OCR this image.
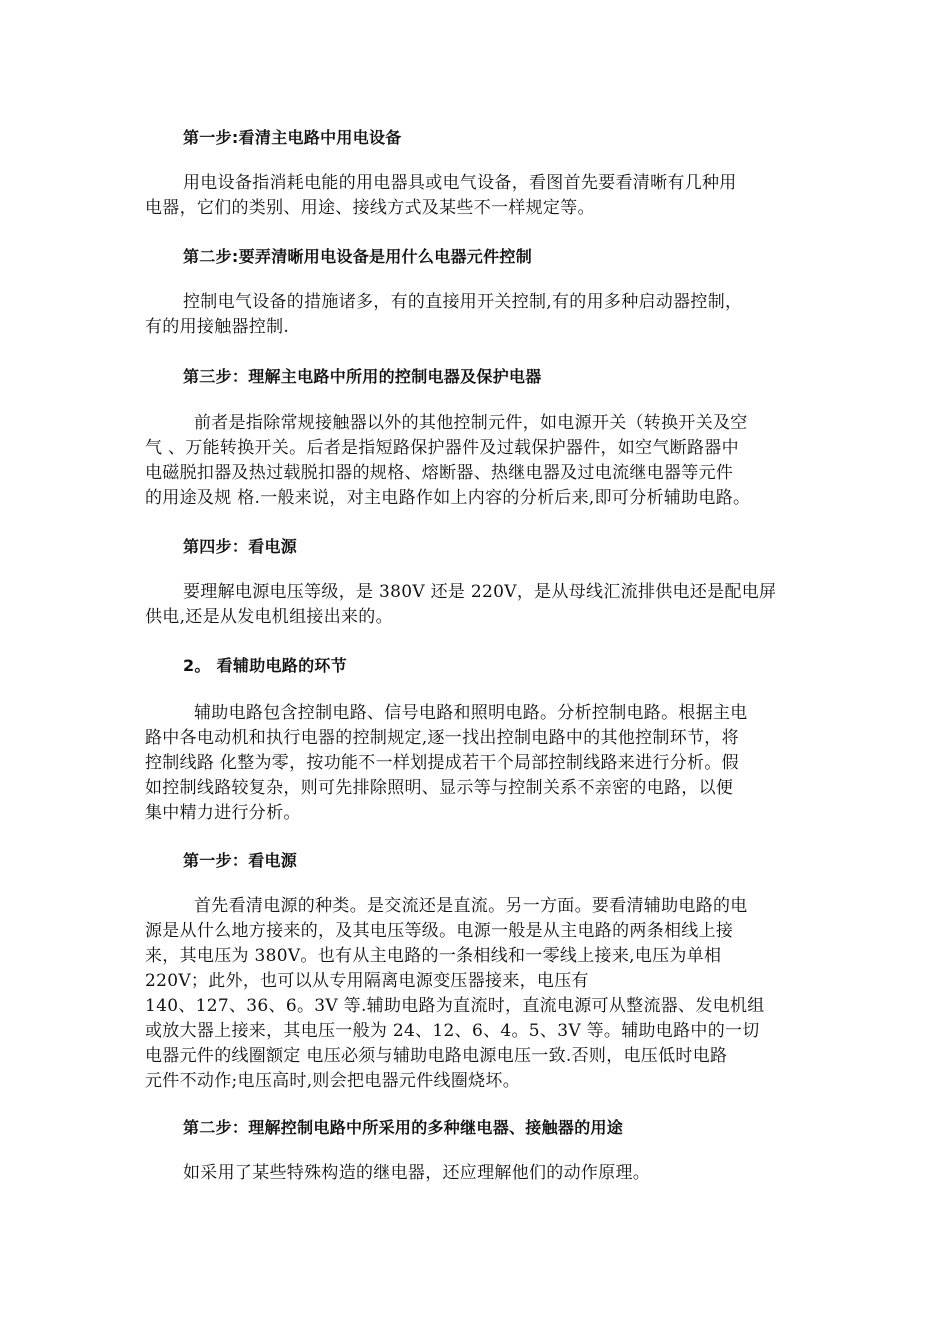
第一步:看清主电路中用电设备
用电设备指消耗电能的用电器具或电气设备，看图首先要看清晰有几种用
电器，它们的类别、用途、接线方式及某些不一样规定等。
第二步:要弄清晰用电设备是用什么电器元件控制
控制电气设备的措施诸多，有的直接用开关控制,有的用多种启动器控制，
有的用接触器控制.
第三步：理解主电路中所用的控制电器及保护电器
前者是指除常规接触器以外的其他控制元件，如电源开关（转换开关及空
气 、万能转换开关。后者是指短路保护器件及过载保护器件，如空气断路器中
电磁脱扣器及热过载脱扣器的规格、熔断器、热继电器及过电流继电器等元件
的用途及规 格.一般来说，对主电路作如上内容的分析后来,即可分析辅助电路。
第四步：看电源
要理解电源电压等级，是 380V 还是 220V，是从母线汇流排供电还是配电屏
供电,还是从发电机组接出来的。
2。 看辅助电路的环节
辅助电路包含控制电路、信号电路和照明电路。分析控制电路。根据主电
路中各电动机和执行电器的控制规定,逐一找出控制电路中的其他控制环节，将
控制线路 化整为零，按功能不一样划提成若干个局部控制线路来进行分析。假
如控制线路较复杂，则可先排除照明、显示等与控制关系不亲密的电路，以便
集中精力进行分析。
第一步：看电源
首先看清电源的种类。是交流还是直流。另一方面。要看清辅助电路的电
源是从什么地方接来的，及其电压等级。电源一般是从主电路的两条相线上接
来，其电压为 380V。也有从主电路的一条相线和一零线上接来,电压为单相
220V；此外，也可以从专用隔离电源变压器接来，电压有
140、127、36、6。3V 等.辅助电路为直流时，直流电源可从整流器、发电机组
或放大器上接来，其电压一般为 24、12、6、4。5、3V 等。辅助电路中的一切
电器元件的线圈额定 电压必须与辅助电路电源电压一致.否则，电压低时电路
元件不动作;电压高时,则会把电器元件线圈烧坏。
第二步：理解控制电路中所采用的多种继电器、接触器的用途
如采用了某些特殊构造的继电器，还应理解他们的动作原理。
